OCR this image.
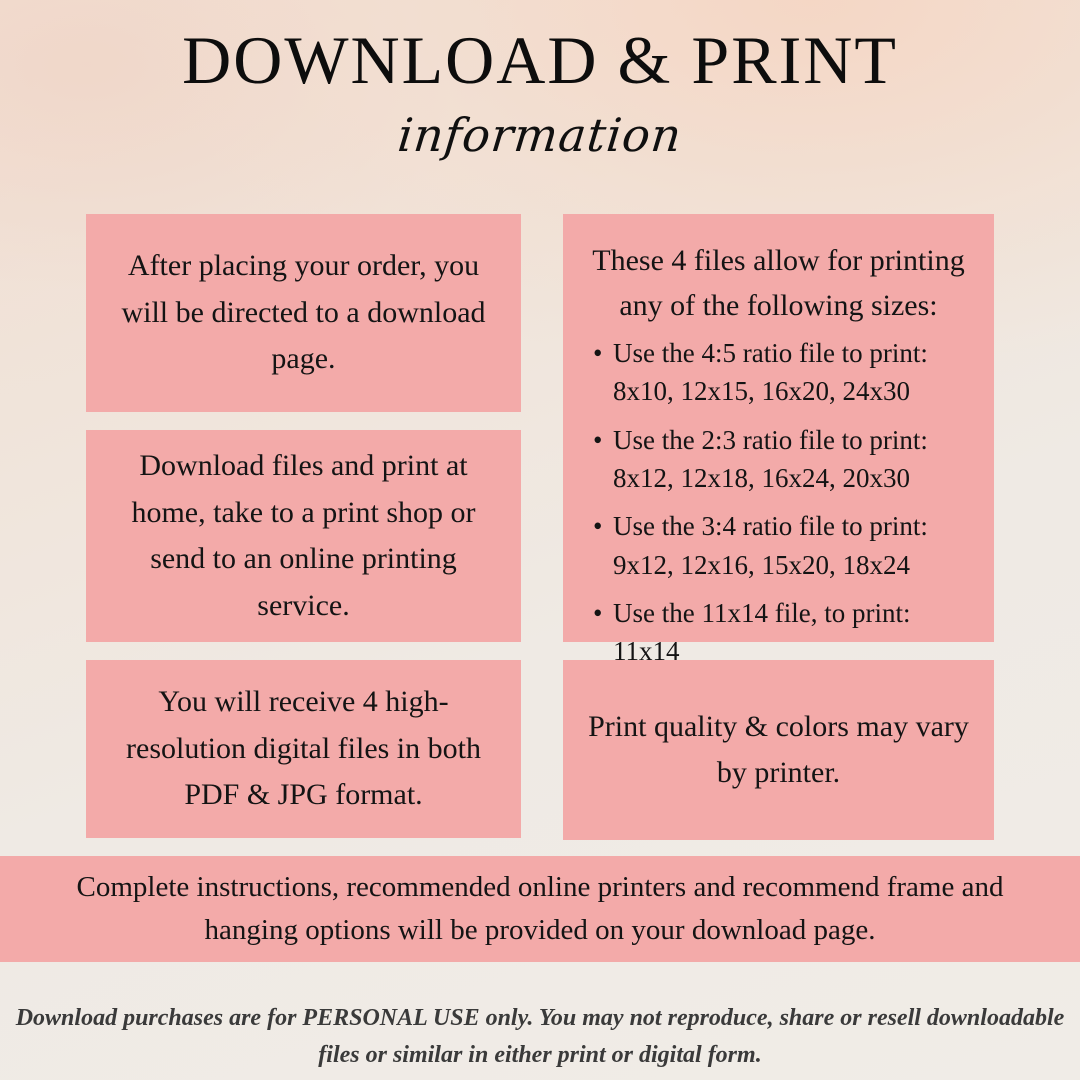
DOWNLOAD & PRINT
information

After placing your order, you will be directed to a download page.

Download files and print at home, take to a print shop or send to an online printing service.

You will receive 4 high-resolution digital files in both PDF & JPG format.

These 4 files allow for printing any of the following sizes:

• Use the 4:5 ratio file to print: 8x10, 12x15, 16x20, 24x30
• Use the 2:3 ratio file to print: 8x12, 12x18, 16x24, 20x30
• Use the 3:4 ratio file to print: 9x12, 12x16, 15x20, 18x24
• Use the 11x14 file, to print: 11x14

Print quality & colors may vary by printer.

Complete instructions, recommended online printers and recommend frame and hanging options will be provided on your download page.

Download purchases are for PERSONAL USE only. You may not reproduce, share or resell downloadable files or similar in either print or digital form.
